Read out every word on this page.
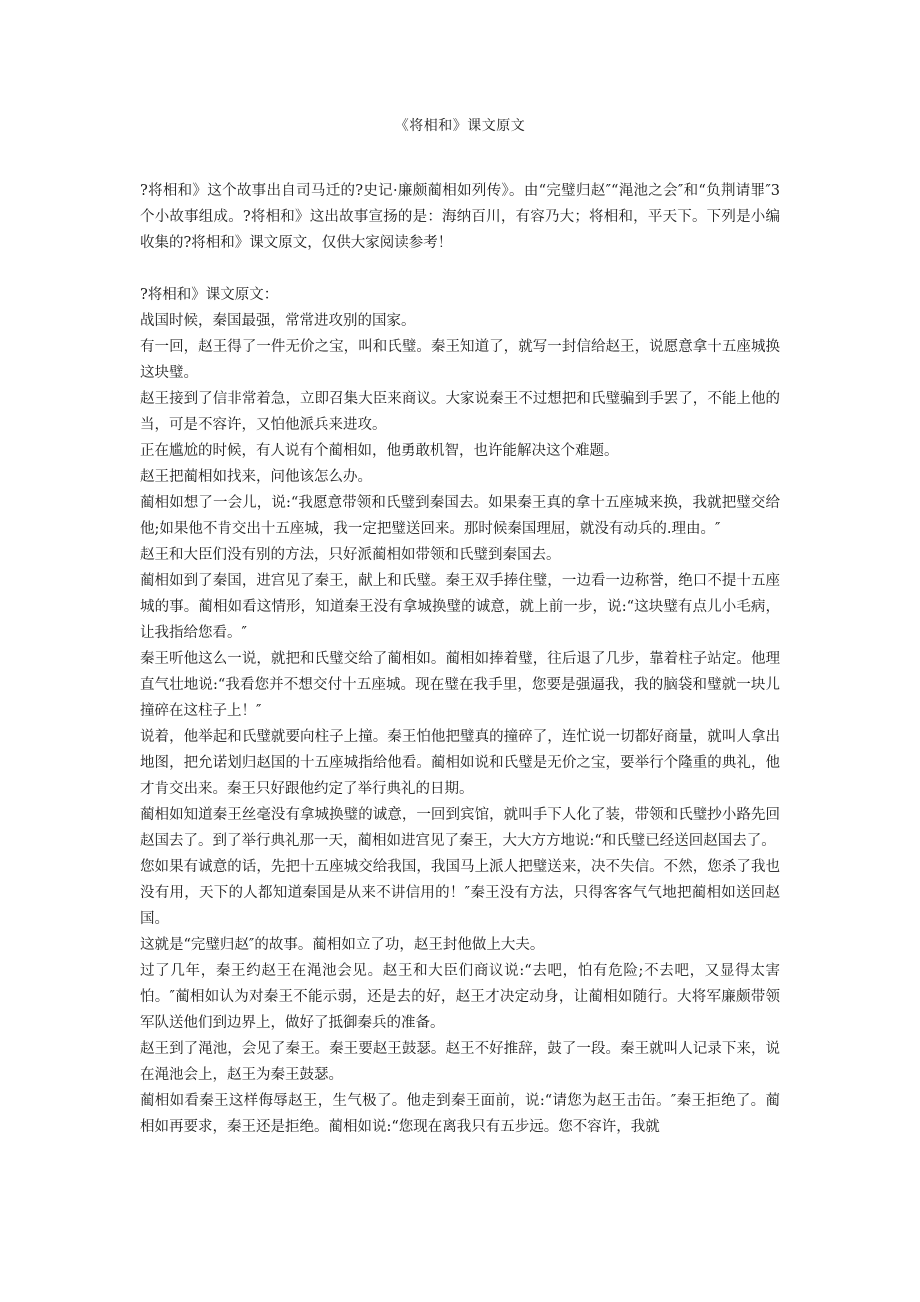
《将相和》课文原文

?将相和》这个故事出自司马迁的?史记·廉颇蔺相如列传》。由“完璧归赵″“渑池之会″和“负荆请罪″3个小故事组成。?将相和》这出故事宣扬的是：海纳百川，有容乃大；将相和，平天下。下列是小编收集的?将相和》课文原文，仅供大家阅读参考！

?将相和》课文原文：

战国时候，秦国最强，常常进攻别的国家。

有一回，赵王得了一件无价之宝，叫和氏璧。秦王知道了，就写一封信给赵王，说愿意拿十五座城换这块璧。

赵王接到了信非常着急，立即召集大臣来商议。大家说秦王不过想把和氏璧骗到手罢了，不能上他的当，可是不容许，又怕他派兵来进攻。

正在尴尬的时候，有人说有个蔺相如，他勇敢机智，也许能解决这个难题。

赵王把蔺相如找来，问他该怎么办。

蔺相如想了一会儿，说:“我愿意带领和氏璧到秦国去。如果秦王真的拿十五座城来换，我就把璧交给他;如果他不肯交出十五座城，我一定把璧送回来。那时候秦国理屈，就没有动兵的.理由。″

赵王和大臣们没有别的方法，只好派蔺相如带领和氏璧到秦国去。

蔺相如到了秦国，进宫见了秦王，献上和氏璧。秦王双手捧住璧，一边看一边称誉，绝口不提十五座城的事。蔺相如看这情形，知道秦王没有拿城换璧的诚意，就上前一步，说:“这块璧有点儿小毛病，让我指给您看。″

秦王听他这么一说，就把和氏璧交给了蔺相如。蔺相如捧着璧，往后退了几步，靠着柱子站定。他理直气壮地说:“我看您并不想交付十五座城。现在璧在我手里，您要是强逼我，我的脑袋和璧就一块儿撞碎在这柱子上！″

说着，他举起和氏璧就要向柱子上撞。秦王怕他把璧真的撞碎了，连忙说一切都好商量，就叫人拿出地图，把允诺划归赵国的十五座城指给他看。蔺相如说和氏璧是无价之宝，要举行个隆重的典礼，他才肯交出来。秦王只好跟他约定了举行典礼的日期。

蔺相如知道秦王丝毫没有拿城换璧的诚意，一回到宾馆，就叫手下人化了装，带领和氏璧抄小路先回赵国去了。到了举行典礼那一天，蔺相如进宫见了秦王，大大方方地说:“和氏璧已经送回赵国去了。

您如果有诚意的话，先把十五座城交给我国，我国马上派人把璧送来，决不失信。不然，您杀了我也没有用，天下的人都知道秦国是从来不讲信用的！″秦王没有方法，只得客客气气地把蔺相如送回赵国。

这就是“完璧归赵″的故事。蔺相如立了功，赵王封他做上大夫。

过了几年，秦王约赵王在渑池会见。赵王和大臣们商议说:“去吧，怕有危险;不去吧，又显得太害怕。″蔺相如认为对秦王不能示弱，还是去的好，赵王才决定动身，让蔺相如随行。大将军廉颇带领军队送他们到边界上，做好了抵御秦兵的准备。

赵王到了渑池，会见了秦王。秦王要赵王鼓瑟。赵王不好推辞，鼓了一段。秦王就叫人记录下来，说在渑池会上，赵王为秦王鼓瑟。

蔺相如看秦王这样侮辱赵王，生气极了。他走到秦王面前，说:“请您为赵王击缶。″秦王拒绝了。蔺相如再要求，秦王还是拒绝。蔺相如说:“您现在离我只有五步远。您不容许，我就
